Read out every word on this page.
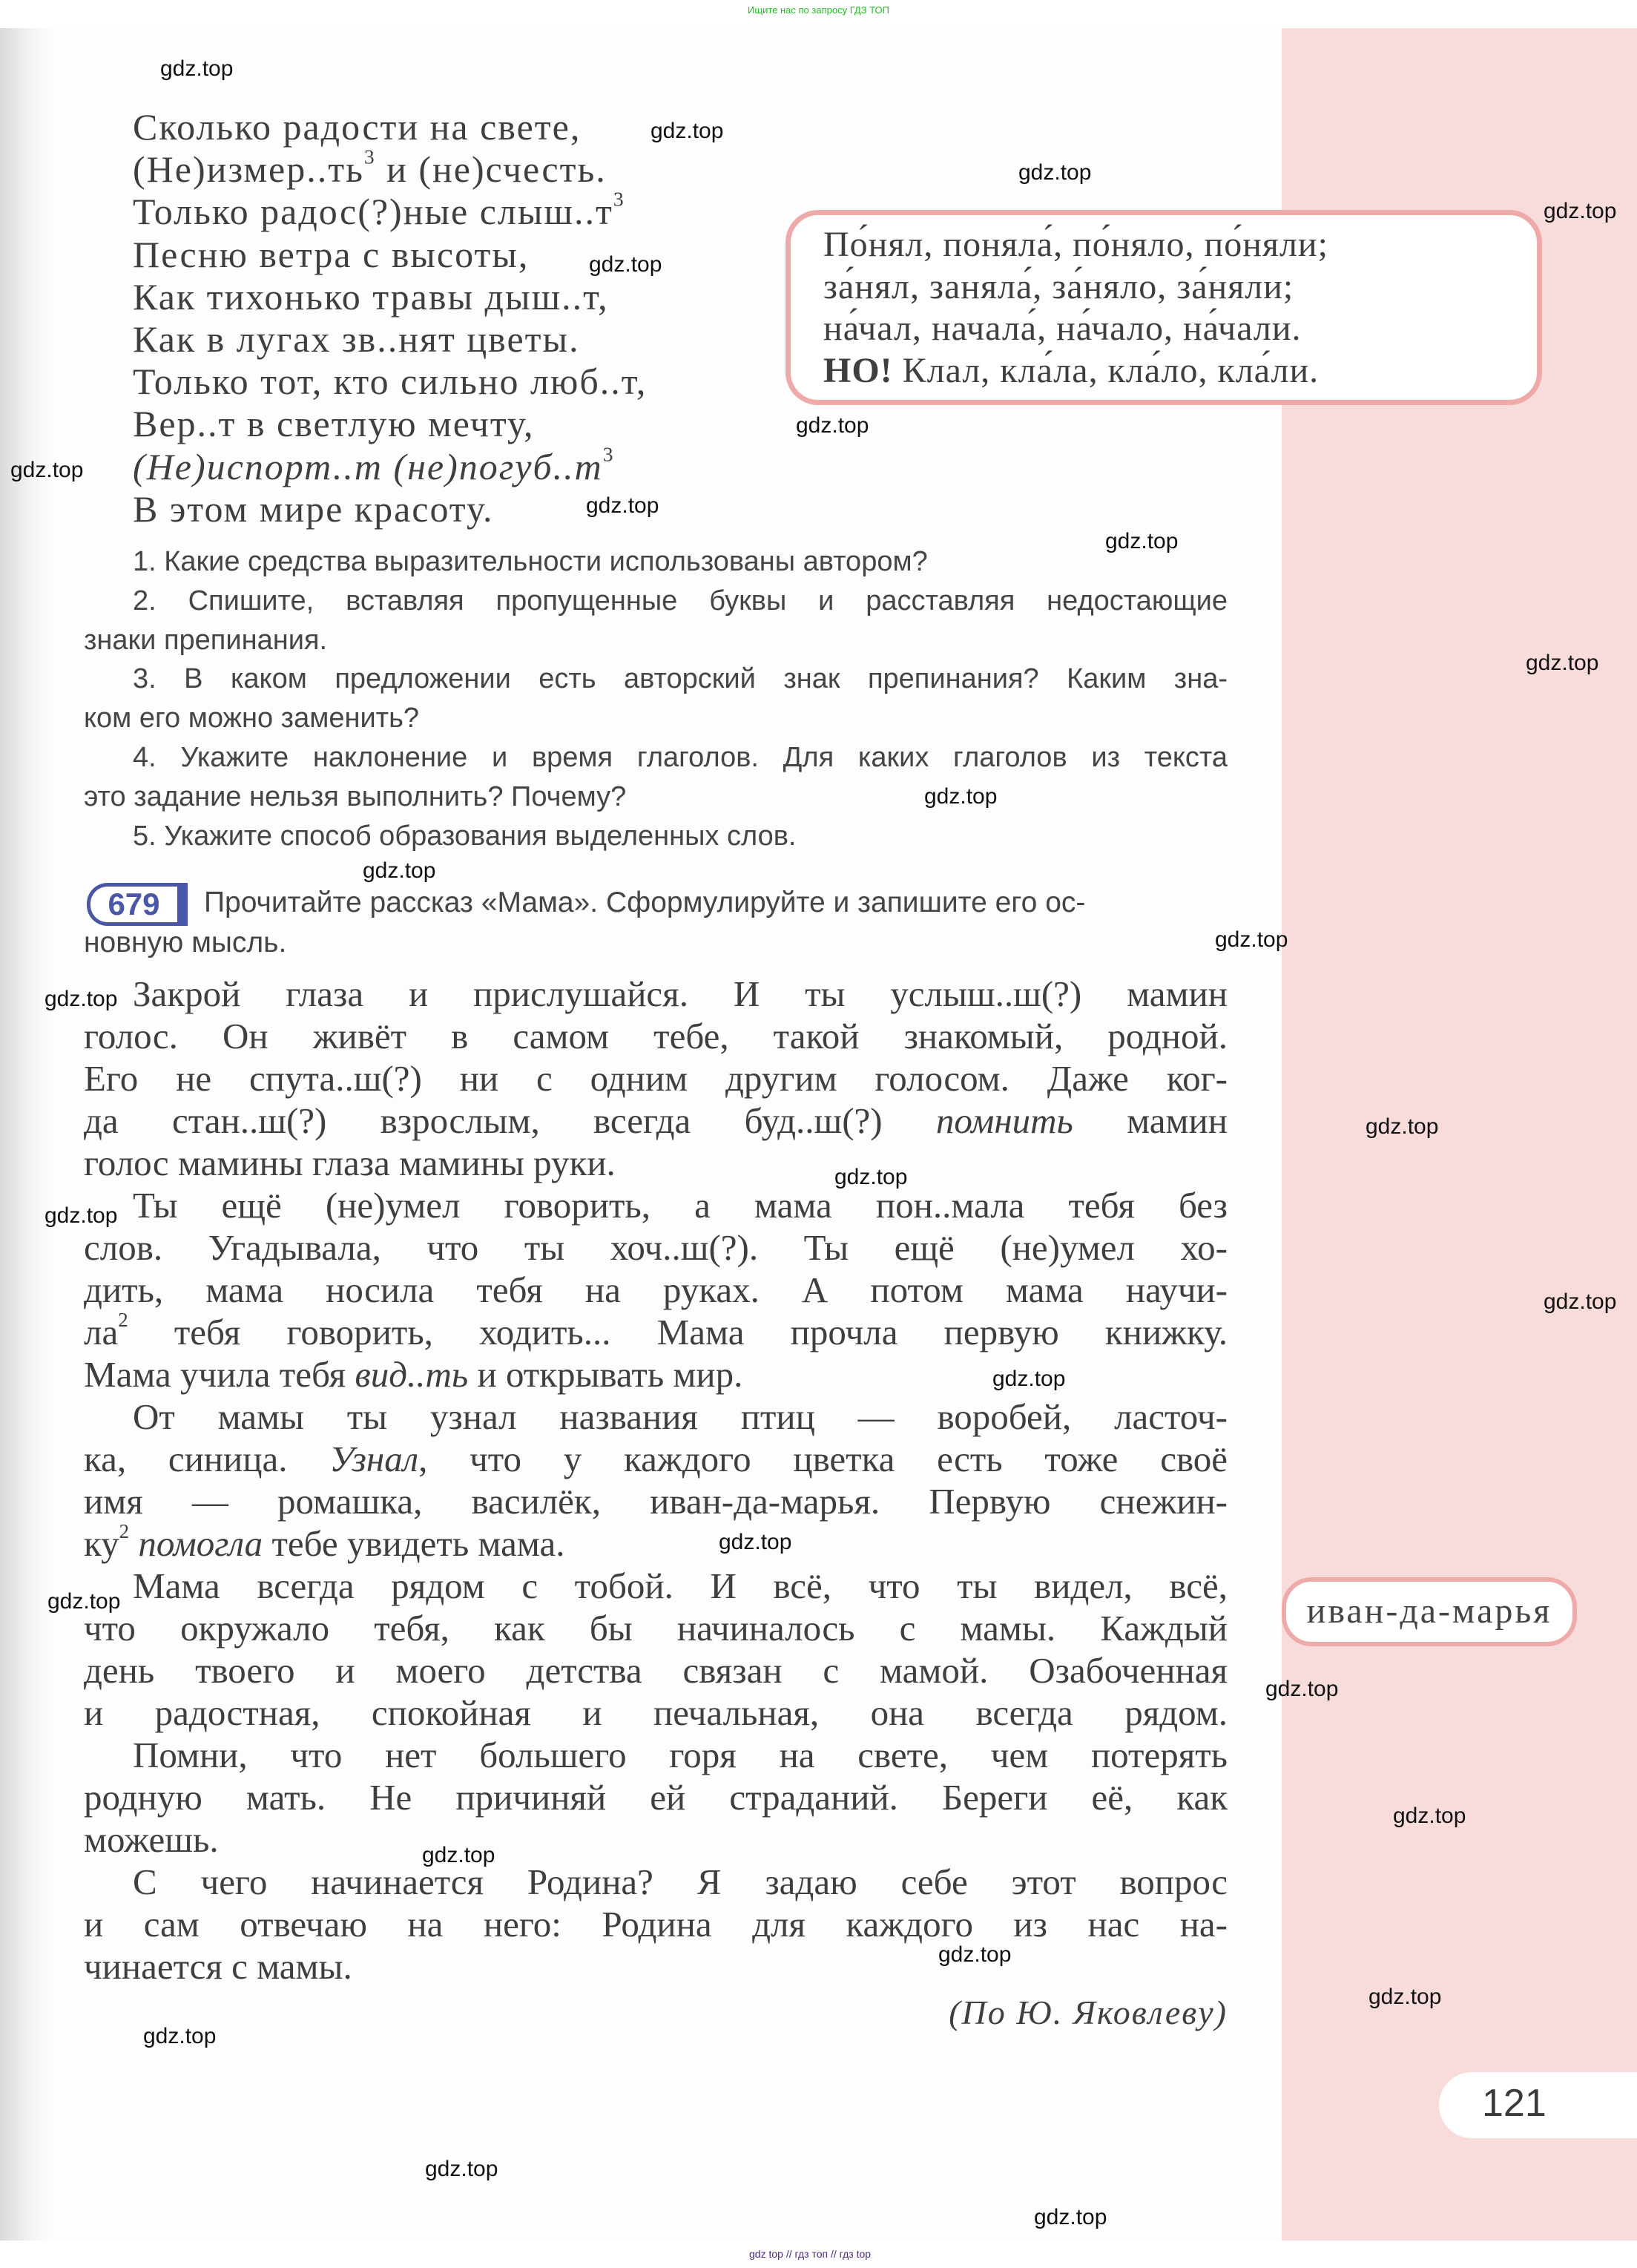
Ищите нас по запросу ГДЗ ТОП
Сколько радости на свете,
$(Не)измер..ть^3$ и (не)счесть.
Только радос(?)ные $слыш..т^3$
Песню ветра с высоты,
Как тихонько травы дыш..т,
Как в лугах зв..нят цветы.
Только тот, кто сильно люб..т,
Вер..т в светлую мечту,
(Не)испорт..т $(не)погуб..т^3$
В этом мире красоту.
По́нял, поняла́, по́няло, по́няли;
за́нял, заняла́, за́няло, за́няли;
на́чал, начала́, на́чало, на́чали.
НО! Клал, кла́ла, кла́ло, кла́ли.
1. Какие средства выразительности использованы автором?
2. Спишите, вставляя пропущенные буквы и расставляя недостающие
знаки препинания.
3. В каком предложении есть авторский знак препинания? Каким зна-
ком его можно заменить?
4. Укажите наклонение и время глаголов. Для каких глаголов из текста
это задание нельзя выполнить? Почему?
5. Укажите способ образования выделенных слов.
679	Прочитайте рассказ «Мама». Сформулируйте и запишите его ос-
новную мысль.
Закрой глаза и прислушайся. И ты услыш..ш(?) мамин
голос. Он живёт в самом тебе, такой знакомый, родной.
Его не спута..ш(?) ни с одним другим голосом. Даже ког-
да стан..ш(?) взрослым, всегда буд..ш(?) помнить мамин
голос мамины глаза мамины руки.
Ты ещё (не)умел говорить, а мама пон..мала тебя без
слов. Угадывала, что ты хоч..ш(?). Ты ещё (не)умел хо-
дить, мама носила тебя на руках. А потом мама научи-
$ла^2$ тебя говорить, ходить... Мама прочла первую книжку.
Мама учила тебя вид..ть и открывать мир.
От мамы ты узнал названия птиц — воробей, ласточ-
ка, синица. Узнал, что у каждого цветка есть тоже своё
имя — ромашка, василёк, иван-да-марья. Первую снежин-
$ку^2$ помогла тебе увидеть мама.
Мама всегда рядом с тобой. И всё, что ты видел, всё,
что окружало тебя, как бы начиналось с мамы. Каждый
день твоего и моего детства связан с мамой. Озабоченная
и радостная, спокойная и печальная, она всегда рядом.
Помни, что нет большего горя на свете, чем потерять
родную мать. Не причиняй ей страданий. Береги её, как
можешь.
С чего начинается Родина? Я задаю себе этот вопрос
и сам отвечаю на него: Родина для каждого из нас на-
чинается с мамы.
(По Ю. Яковлеву)
иван-да-марья
121
gdz.top
gdz.top
gdz.top
gdz.top
gdz.top
gdz.top
gdz.top
gdz.top
gdz.top
gdz.top
gdz.top
gdz.top
gdz.top
gdz.top
gdz.top
gdz.top
gdz.top
gdz.top
gdz.top
gdz.top
gdz.top
gdz.top
gdz.top
gdz.top
gdz.top
gdz.top
gdz.top
gdz.top
gdz.top
gdz top // гдз топ // гдз top
